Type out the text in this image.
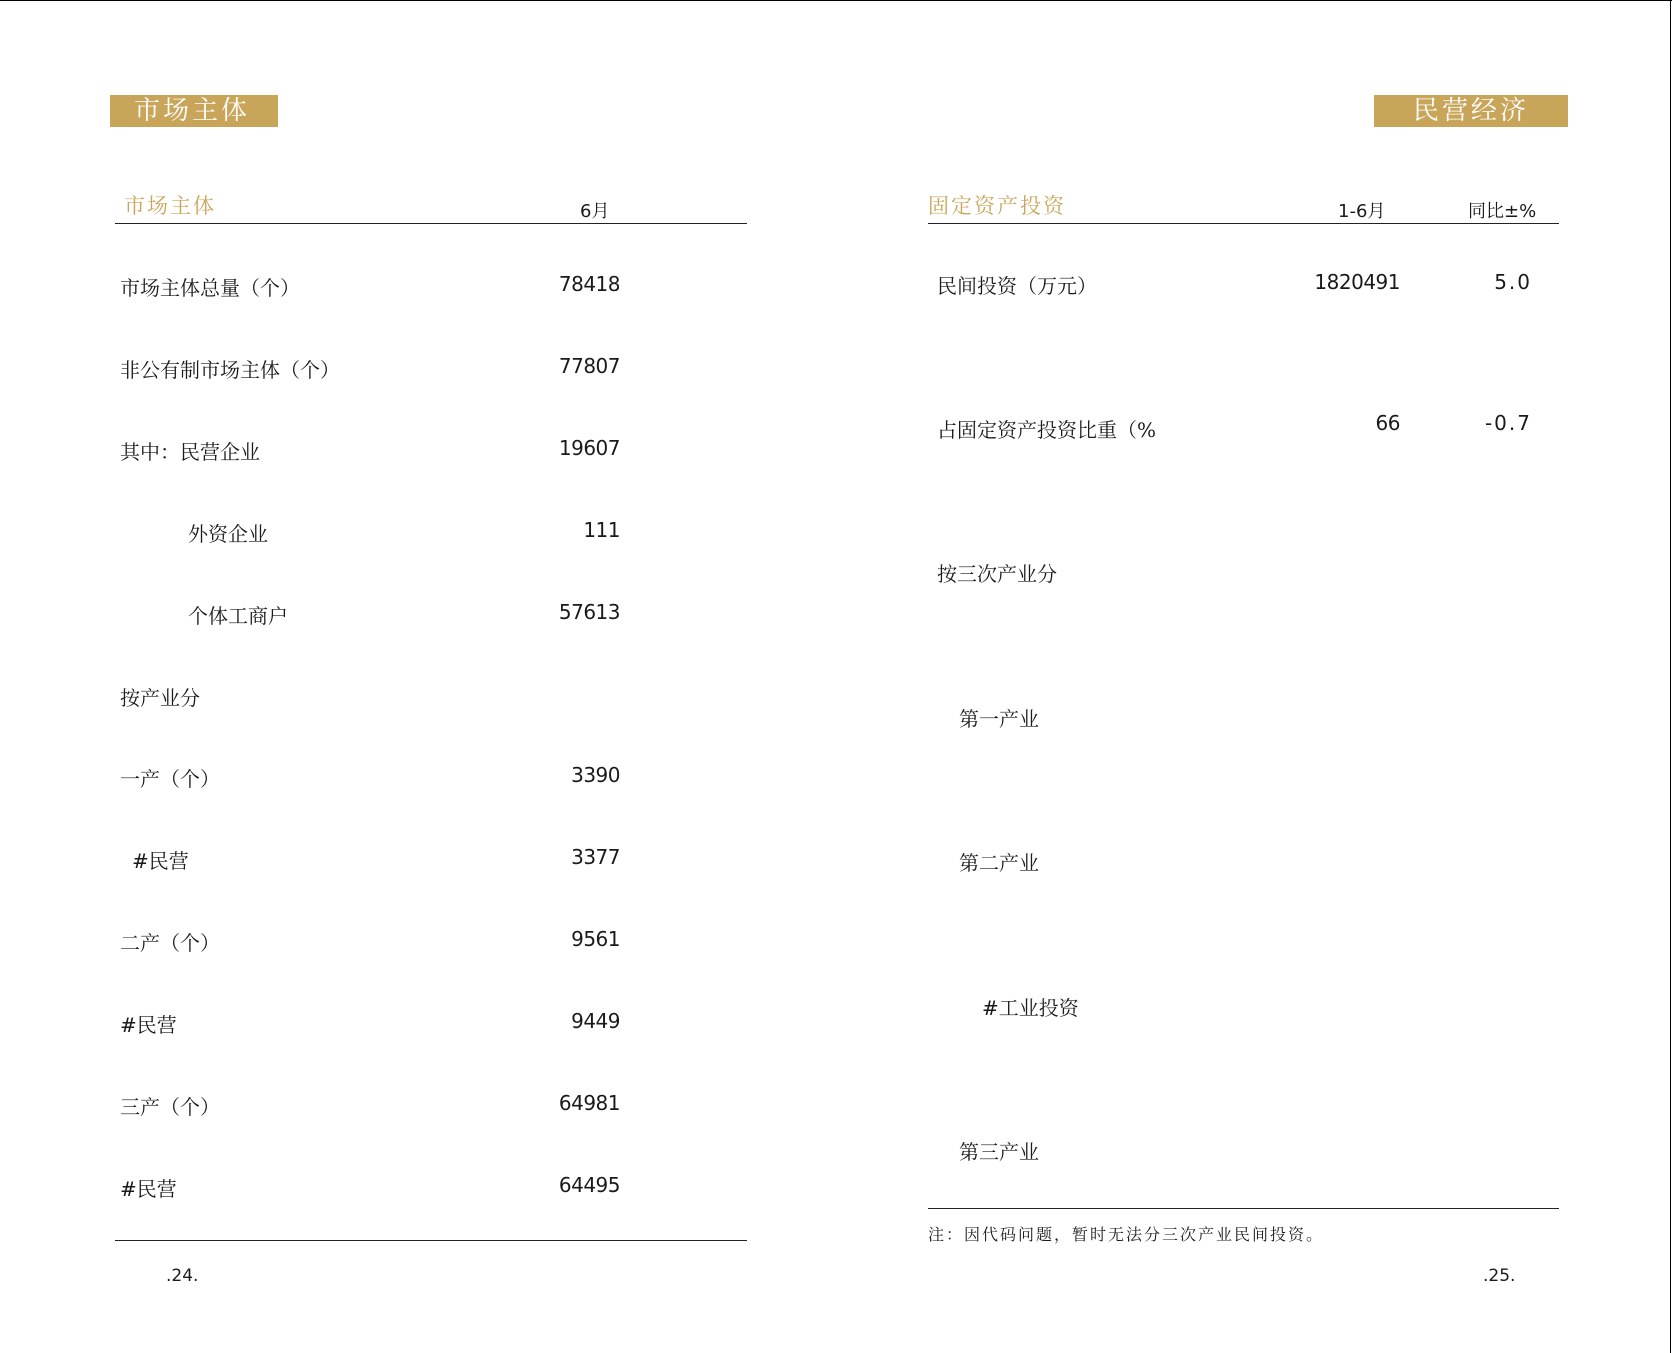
市场主体
市场主体	6月
市场主体总量（个）	78418
非公有制市场主体（个）	77807
其中：民营企业	19607
外资企业	111
个体工商户	57613
按产业分
一产（个）	3390
#民营	3377
二产（个）	9561
#民营	9449
三产（个）	64981
#民营	64495
.24.
民营经济
固定资产投资	1-6月	同比±%
民间投资（万元）	1820491	5.0
占固定资产投资比重（%	66	-0.7
按三次产业分
第一产业
第二产业
#工业投资
第三产业
注：因代码问题，暂时无法分三次产业民间投资。
.25.
